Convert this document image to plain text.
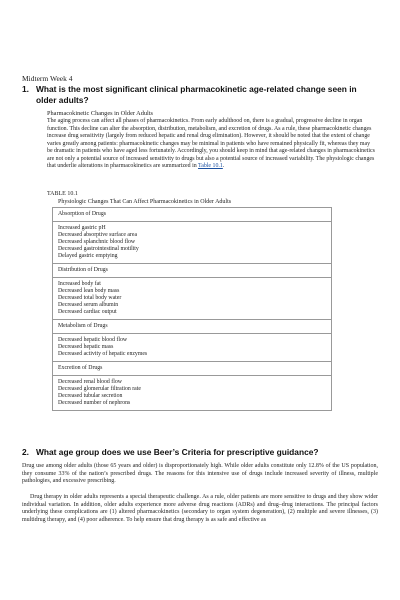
Midterm Week 4
1. What is the most significant clinical pharmacokinetic age-related change seen in older adults?
Pharmacokinetic Changes in Older Adults
The aging process can affect all phases of pharmacokinetics. From early adulthood on, there is a gradual, progressive decline in organ function. This decline can alter the absorption, distribution, metabolism, and excretion of drugs. As a rule, these pharmacokinetic changes increase drug sensitivity (largely from reduced hepatic and renal drug elimination). However, it should be noted that the extent of change varies greatly among patients: pharmacokinetic changes may be minimal in patients who have remained physically fit, whereas they may be dramatic in patients who have aged less fortunately. Accordingly, you should keep in mind that age-related changes in pharmacokinetics are not only a potential source of increased sensitivity to drugs but also a potential source of increased variability. The physiologic changes that underlie alterations in pharmacokinetics are summarized in Table 10.1.
TABLE 10.1
Physiologic Changes That Can Affect Pharmacokinetics in Older Adults
Absorption of Drugs

Increased gastric pH
Decreased absorptive surface area
Decreased splanchnic blood flow
Decreased gastrointestinal motility
Delayed gastric emptying

Distribution of Drugs

Increased body fat
Decreased lean body mass
Decreased total body water
Decreased serum albumin
Decreased cardiac output

Metabolism of Drugs

Decreased hepatic blood flow
Decreased hepatic mass
Decreased activity of hepatic enzymes

Excretion of Drugs

Decreased renal blood flow
Decreased glomerular filtration rate
Decreased tubular secretion
Decreased number of nephrons
2. What age group does we use Beer’s Criteria for prescriptive guidance?
Drug use among older adults (those 65 years and older) is disproportionately high. While older adults constitute only 12.8% of the US population, they consume 33% of the nation’s prescribed drugs. The reasons for this intensive use of drugs include increased severity of illness, multiple pathologies, and excessive prescribing.
Drug therapy in older adults represents a special therapeutic challenge. As a rule, older patients are more sensitive to drugs and they show wider individual variation. In addition, older adults experience more adverse drug reactions (ADRs) and drug–drug interactions. The principal factors underlying these complications are (1) altered pharmacokinetics (secondary to organ system degeneration), (2) multiple and severe illnesses, (3) multidrug therapy, and (4) poor adherence. To help ensure that drug therapy is as safe and effective as
